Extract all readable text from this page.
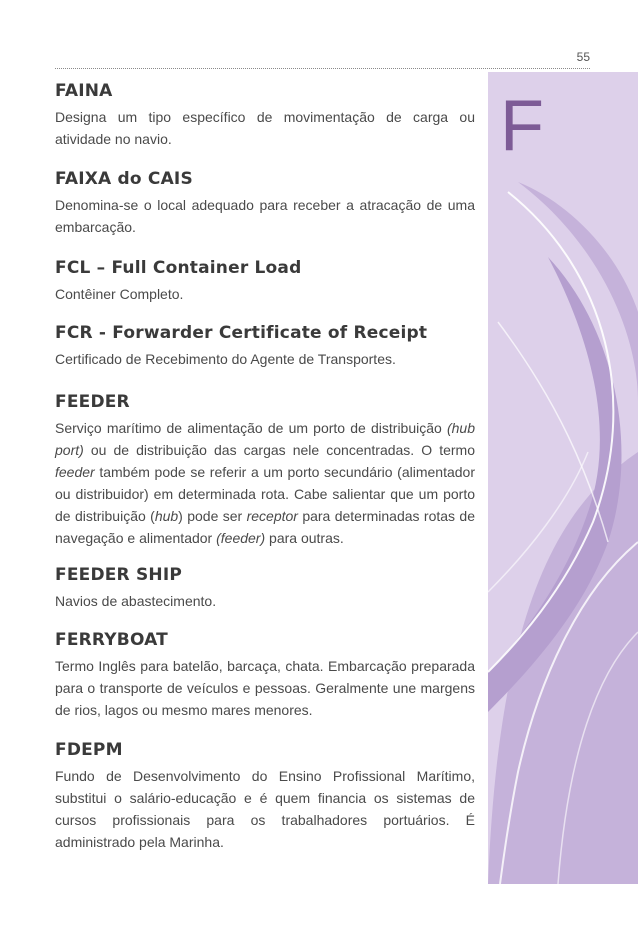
55
F
FAINA

Designa um tipo específico de movimentação de carga ou atividade no navio.

FAIXA do CAIS

Denomina-se o local adequado para receber a atracação de uma embarcação.

FCL – Full Container Load

Contêiner Completo.

FCR - Forwarder Certificate of Receipt

Certificado de Recebimento do Agente de Transportes.

FEEDER

Serviço marítimo de alimentação de um porto de distribuição (hub port) ou de distribuição das cargas nele concentradas. O termo feeder também pode se referir a um porto secundário (alimentador ou distribuidor) em determinada rota. Cabe salientar que um porto de distribuição (hub) pode ser receptor para determinadas rotas de navegação e alimentador (feeder) para outras.

FEEDER SHIP

Navios de abastecimento.

FERRYBOAT

Termo Inglês para batelão, barcaça, chata. Embarcação preparada para o transporte de veículos e pessoas. Geralmente une margens de rios, lagos ou mesmo mares menores.

FDEPM

Fundo de Desenvolvimento do Ensino Profissional Marítimo, substitui o salário-educação e é quem financia os sistemas de cursos profissionais para os trabalhadores portuários. É administrado pela Marinha.
